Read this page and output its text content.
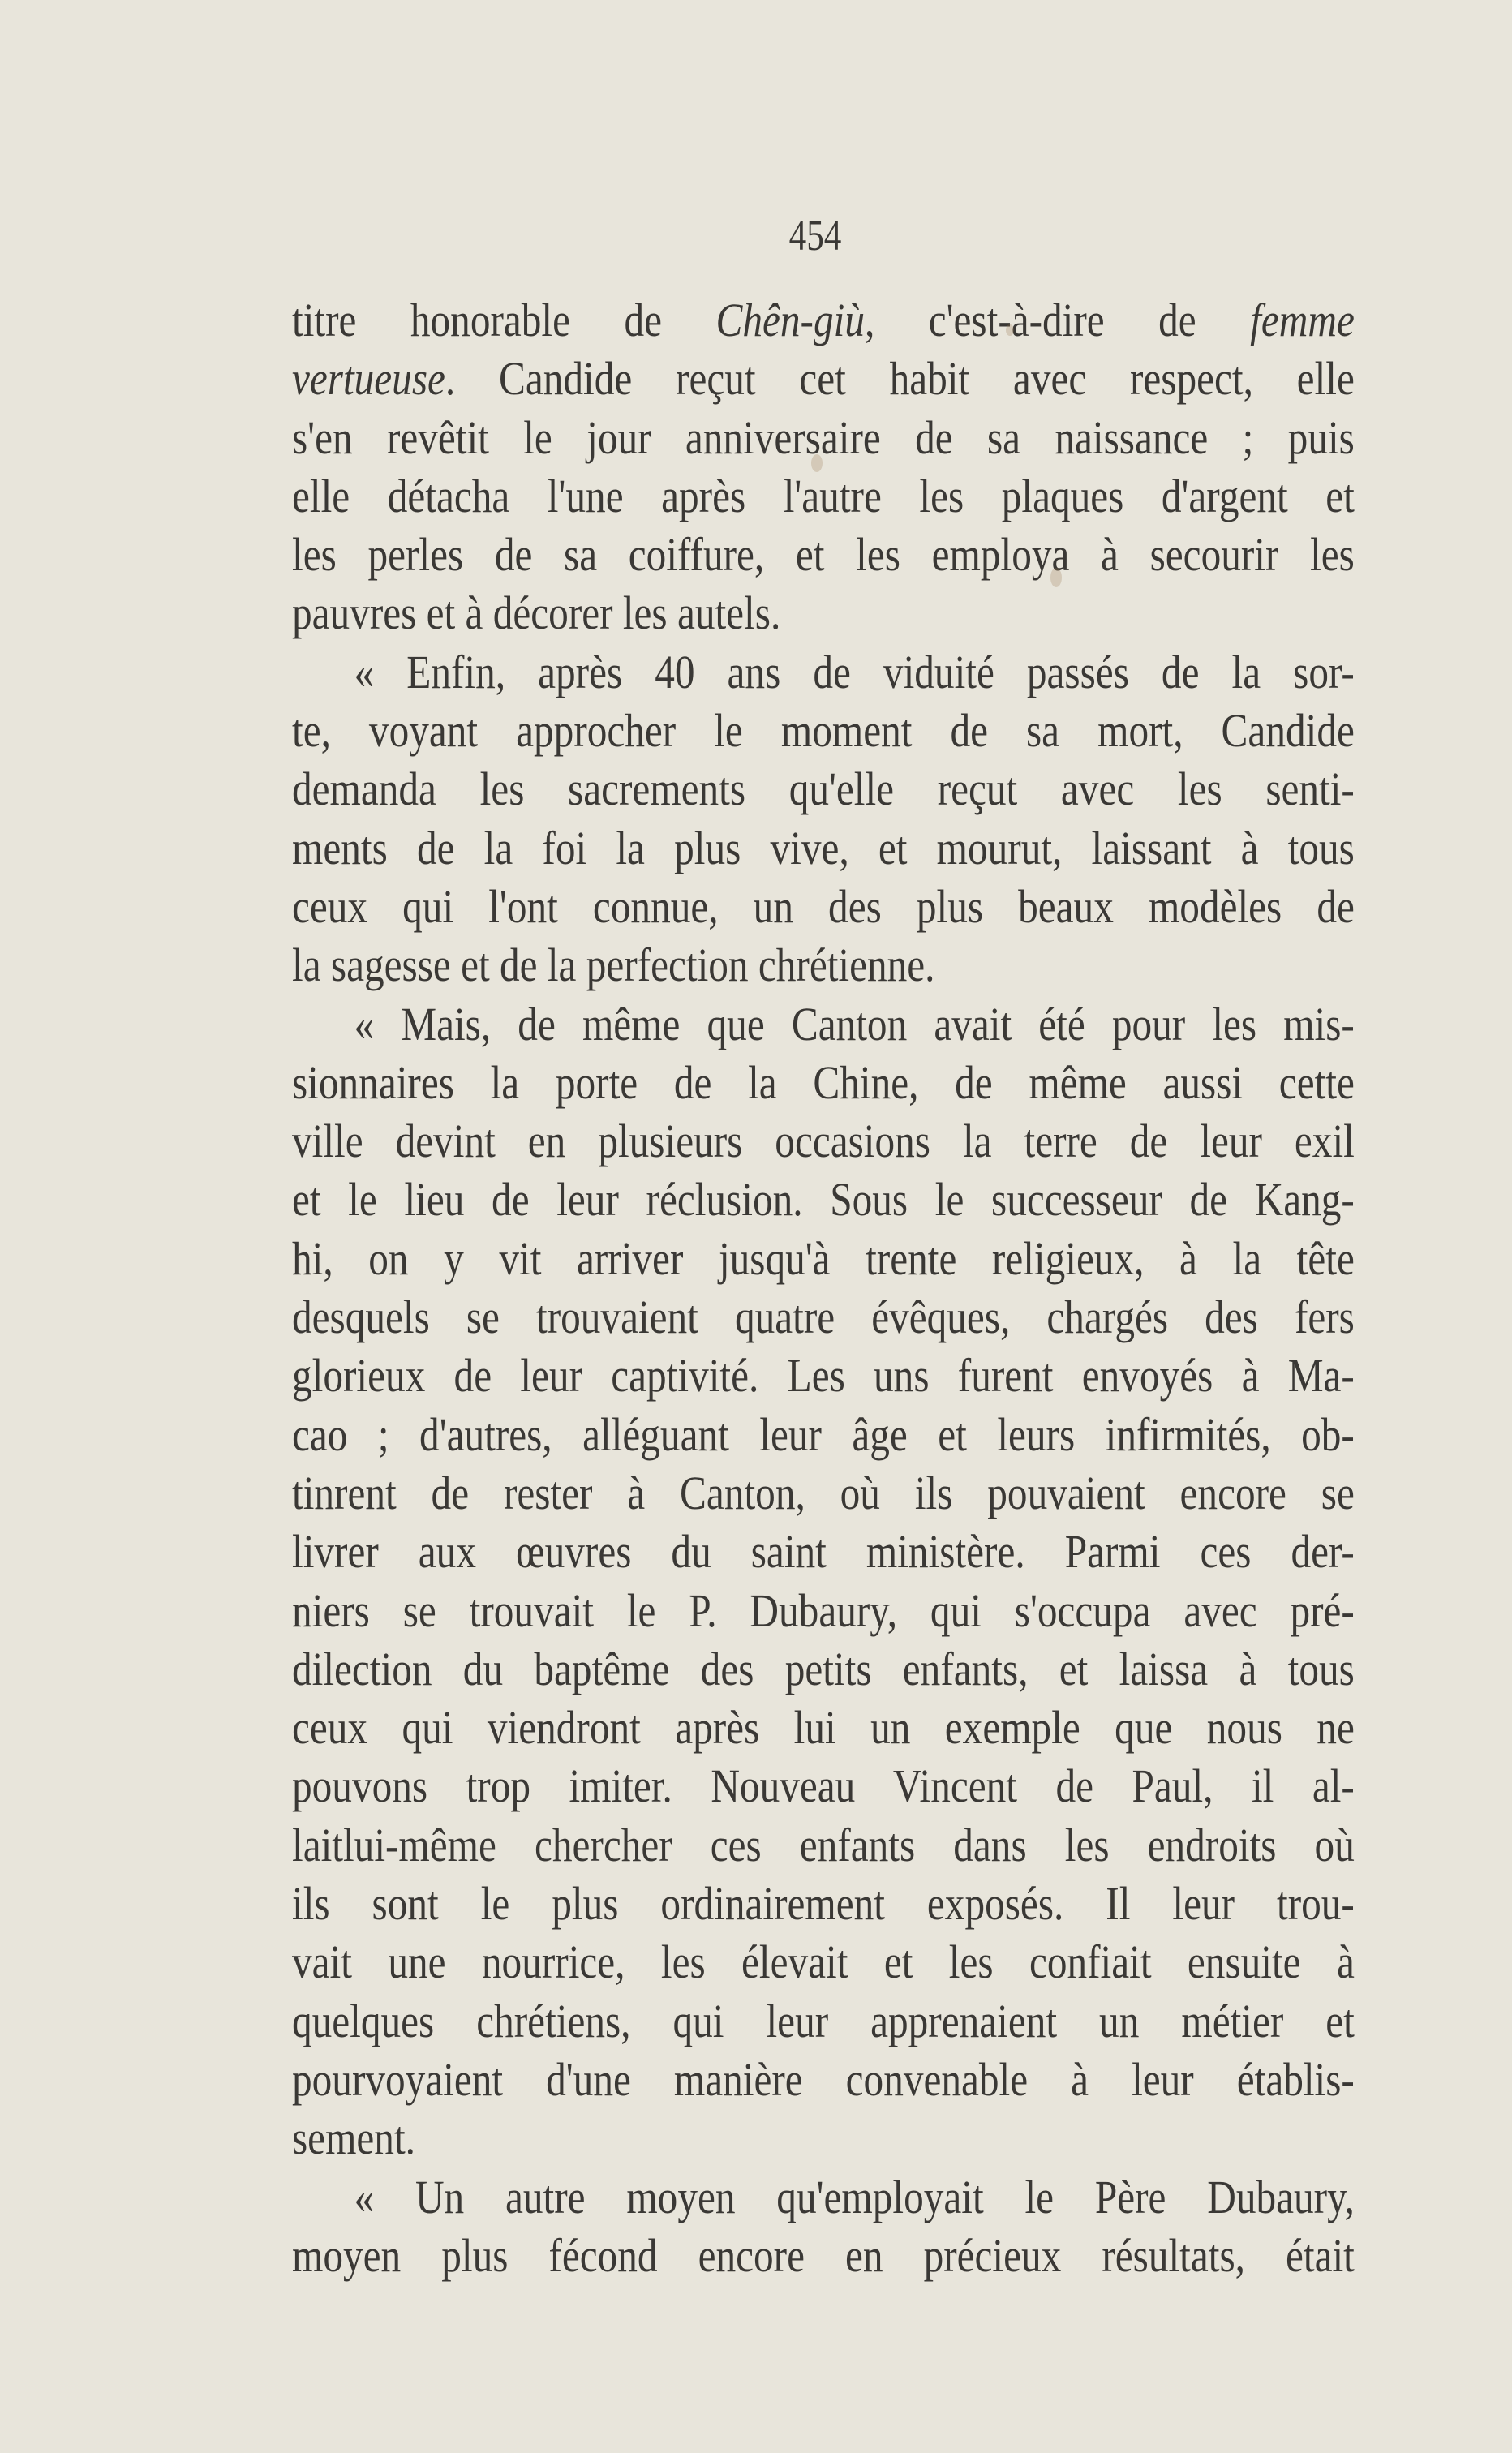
454
titre honorable de Chên-giù, c'est-à-dire de femme
vertueuse. Candide reçut cet habit avec respect, elle
s'en revêtit le jour anniversaire de sa naissance ; puis
elle détacha l'une après l'autre les plaques d'argent et
les perles de sa coiffure, et les employa à secourir les
pauvres et à décorer les autels.
« Enfin, après 40 ans de viduité passés de la sor-
te, voyant approcher le moment de sa mort, Candide
demanda les sacrements qu'elle reçut avec les senti-
ments de la foi la plus vive, et mourut, laissant à tous
ceux qui l'ont connue, un des plus beaux modèles de
la sagesse et de la perfection chrétienne.
« Mais, de même que Canton avait été pour les mis-
sionnaires la porte de la Chine, de même aussi cette
ville devint en plusieurs occasions la terre de leur exil
et le lieu de leur réclusion. Sous le successeur de Kang-
hi, on y vit arriver jusqu'à trente religieux, à la tête
desquels se trouvaient quatre évêques, chargés des fers
glorieux de leur captivité. Les uns furent envoyés à Ma-
cao ; d'autres, alléguant leur âge et leurs infirmités, ob-
tinrent de rester à Canton, où ils pouvaient encore se
livrer aux œuvres du saint ministère. Parmi ces der-
niers se trouvait le P. Dubaury, qui s'occupa avec pré-
dilection du baptême des petits enfants, et laissa à tous
ceux qui viendront après lui un exemple que nous ne
pouvons trop imiter. Nouveau Vincent de Paul, il al-
laitlui-même chercher ces enfants dans les endroits où
ils sont le plus ordinairement exposés. Il leur trou-
vait une nourrice, les élevait et les confiait ensuite à
quelques chrétiens, qui leur apprenaient un métier et
pourvoyaient d'une manière convenable à leur établis-
sement.
« Un autre moyen qu'employait le Père Dubaury,
moyen plus fécond encore en précieux résultats, était
